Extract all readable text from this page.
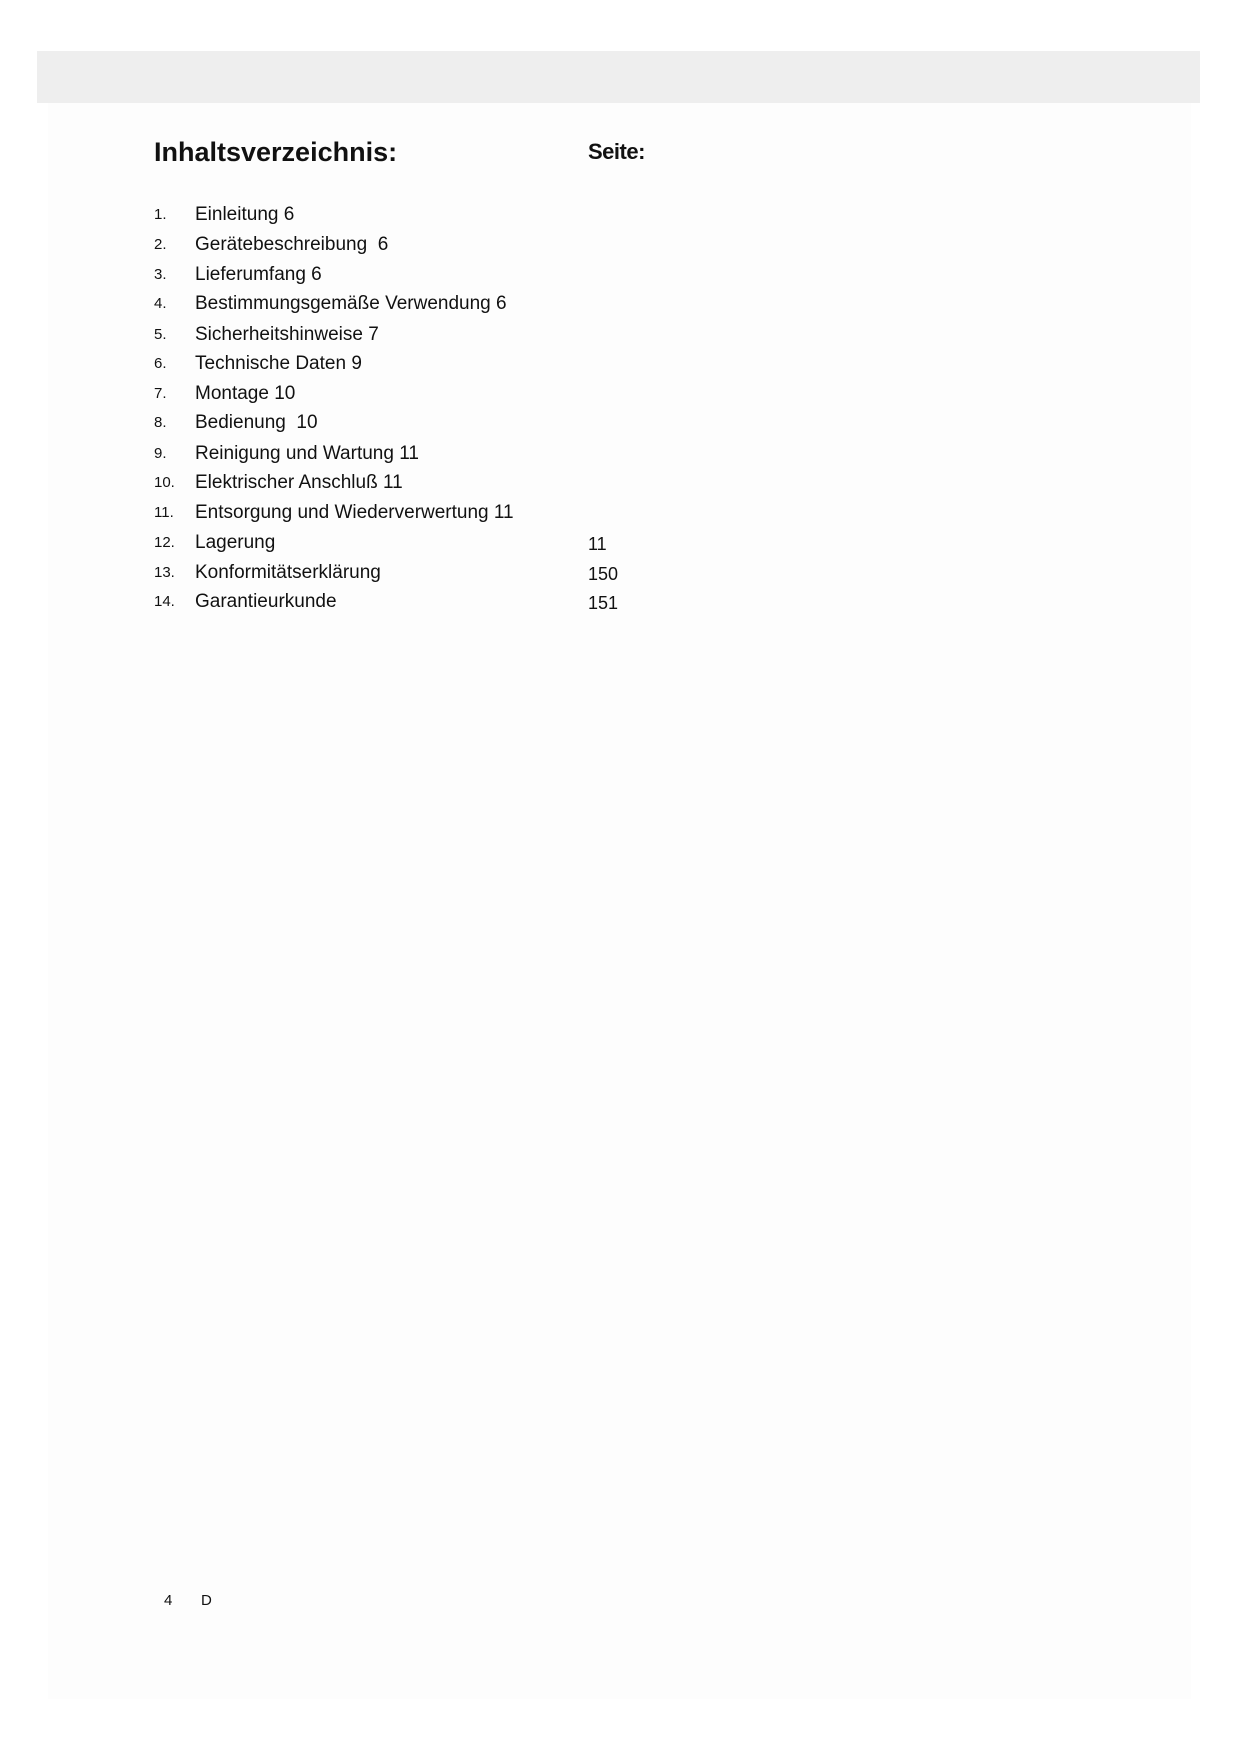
Inhaltsverzeichnis:	Seite:
1. Einleitung 6
2. Gerätebeschreibung  6
3. Lieferumfang 6
4. Bestimmungsgemäße Verwendung 6
5. Sicherheitshinweise 7
6. Technische Daten 9
7. Montage 10
8. Bedienung  10
9. Reinigung und Wartung 11
10. Elektrischer Anschluß 11
11. Entsorgung und Wiederverwertung 11
12. Lagerung	11
13. Konformitätserklärung	150
14. Garantieurkunde	151
4 D
